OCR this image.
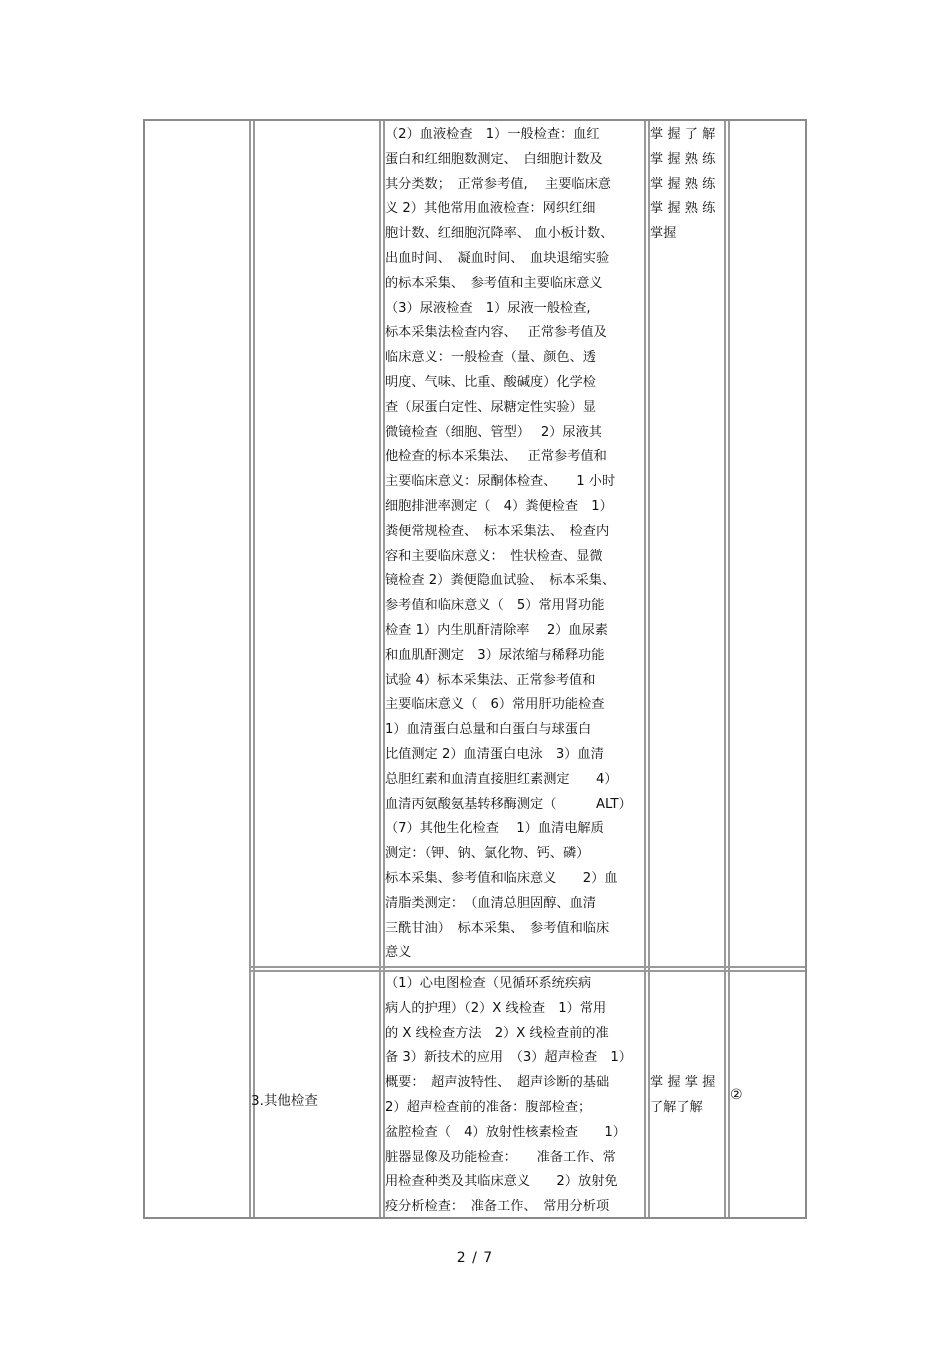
（2）血液检查　1）一般检查：血红
蛋白和红细胞数测定、　白细胞计数及
其分类数；　正常参考值,　 主要临床意
义 2）其他常用血液检查：网织红细
胞计数、红细胞沉降率、 血小板计数、
出血时间、　凝血时间、　血块退缩实验
的标本采集、　参考值和主要临床意义
（3）尿液检查　1）尿液一般检查,
标本采集法检查内容、　 正常参考值及
临床意义：一般检查（量、颜色、透
明度、气味、比重、酸碱度）化学检
查（尿蛋白定性、尿糖定性实验）显
微镜检查（细胞、管型）　 2）尿液其
他检查的标本采集法、　 正常参考值和
主要临床意义：尿酮体检查、　　1 小时
细胞排泄率测定（　4）粪便检查　1）
粪便常规检查、　标本采集法、　检查内
容和主要临床意义：　性状检查、显微
镜检查 2）粪便隐血试验、　标本采集、
参考值和临床意义（　5）常用肾功能
检查 1）内生肌酐清除率　 2）血尿素
和血肌酐测定　3）尿浓缩与稀释功能
试验 4）标本采集法、正常参考值和
主要临床意义（　6）常用肝功能检查
1）血清蛋白总量和白蛋白与球蛋白
比值测定 2）血清蛋白电泳　3）血清
总胆红素和血清直接胆红素测定　　4）
血清丙氨酸氨基转移酶测定（　　　ALT）
（7）其他生化检查　 1）血清电解质
测定：（钾、钠、氯化物、钙、磷）
标本采集、参考值和临床意义　　2）血
清脂类测定：　（血清总胆固醇、血清
三酰甘油）　标本采集、　参考值和临床
意义
掌 握 了 解
掌 握 熟 练
掌 握 熟 练
掌 握 熟 练
掌握
3.其他检查
（1）心电图检查（见循环系统疾病
病人的护理）（2）X 线检查　1）常用
的 X 线检查方法　2）X 线检查前的准
备 3）新技术的应用　（3）超声检查　1）
概要：　超声波特性、　超声诊断的基础
2）超声检查前的准备：腹部检查；
盆腔检查（　4）放射性核素检查　　1）
脏器显像及功能检查：　　准备工作、常
用检查种类及其临床意义　　2）放射免
疫分析检查：　准备工作、　常用分析项
掌 握 掌 握
了解了解
②
2 / 7
